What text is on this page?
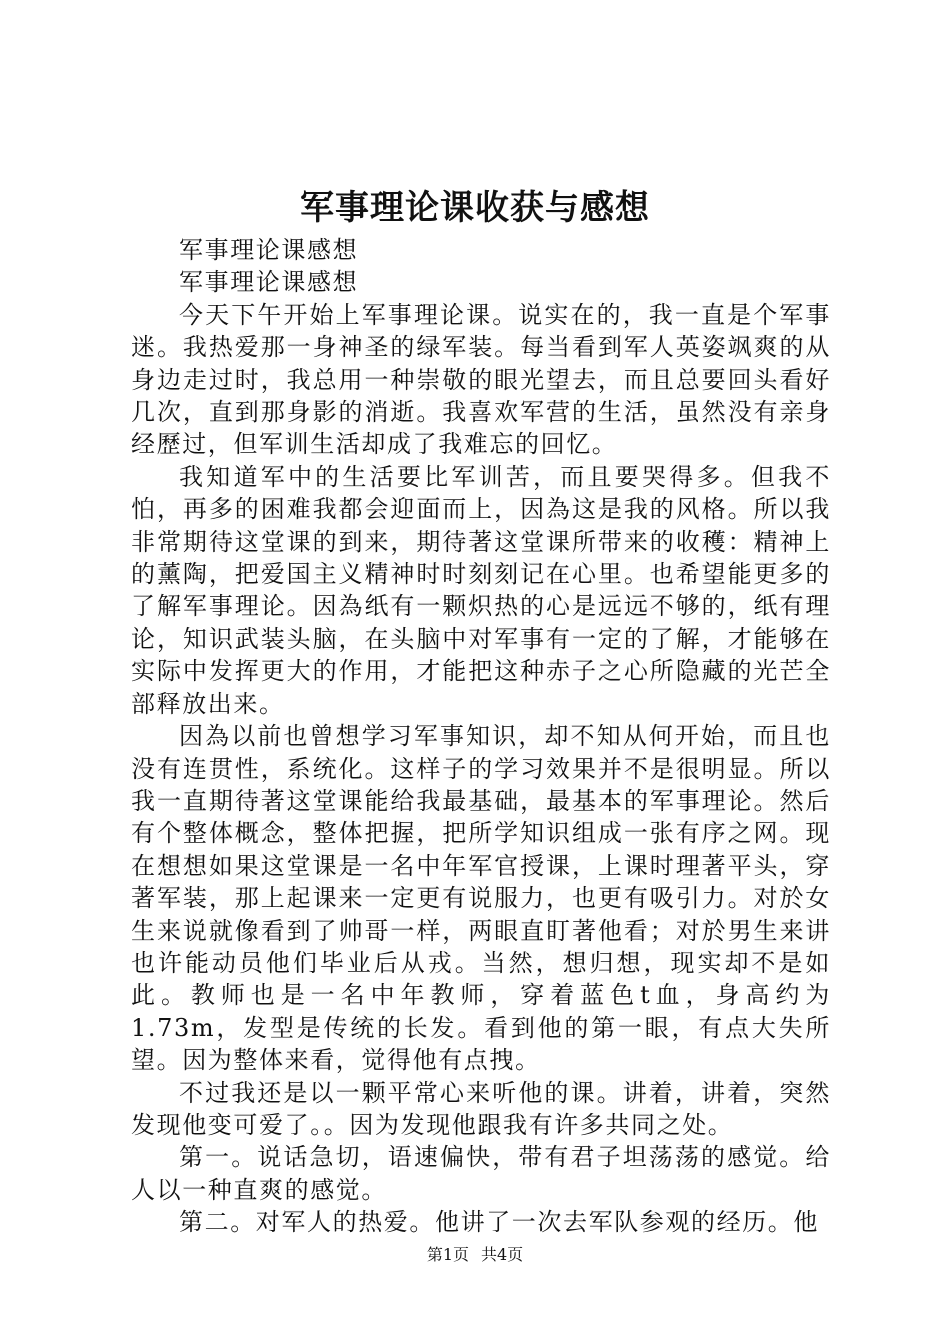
军事理论课收获与感想

军事理论课感想

军事理论课感想

今天下午开始上军事理论课。说实在的，我一直是个军事迷。我热爱那一身神圣的绿军装。每当看到军人英姿飒爽的从身边走过时，我总用一种崇敬的眼光望去，而且总要回头看好几次，直到那身影的消逝。我喜欢军营的生活，虽然没有亲身经歷过，但军训生活却成了我难忘的回忆。

我知道军中的生活要比军训苦，而且要哭得多。但我不怕，再多的困难我都会迎面而上，因為这是我的风格。所以我非常期待这堂课的到来，期待著这堂课所带来的收穫：精神上的薰陶，把爱国主义精神时时刻刻记在心里。也希望能更多的了解军事理论。因為纸有一颗炽热的心是远远不够的，纸有理论，知识武装头脑，在头脑中对军事有一定的了解，才能够在实际中发挥更大的作用，才能把这种赤子之心所隐藏的光芒全部释放出来。

因為以前也曾想学习军事知识，却不知从何开始，而且也没有连贯性，系统化。这样子的学习效果并不是很明显。所以我一直期待著这堂课能给我最基础，最基本的军事理论。然后有个整体概念，整体把握，把所学知识组成一张有序之网。现在想想如果这堂课是一名中年军官授课，上课时理著平头，穿著军装，那上起课来一定更有说服力，也更有吸引力。对於女生来说就像看到了帅哥一样，两眼直盯著他看；对於男生来讲也许能动员他们毕业后从戎。当然，想归想，现实却不是如此。教师也是一名中年教师，穿着蓝色t血，身高约为1.73m，发型是传统的长发。看到他的第一眼，有点大失所望。因为整体来看，觉得他有点拽。

不过我还是以一颗平常心来听他的课。讲着，讲着，突然发现他变可爱了。。因为发现他跟我有许多共同之处。

第一。说话急切，语速偏快，带有君子坦荡荡的感觉。给人以一种直爽的感觉。

第二。对军人的热爱。他讲了一次去军队参观的经历。他

第1页 共4页
